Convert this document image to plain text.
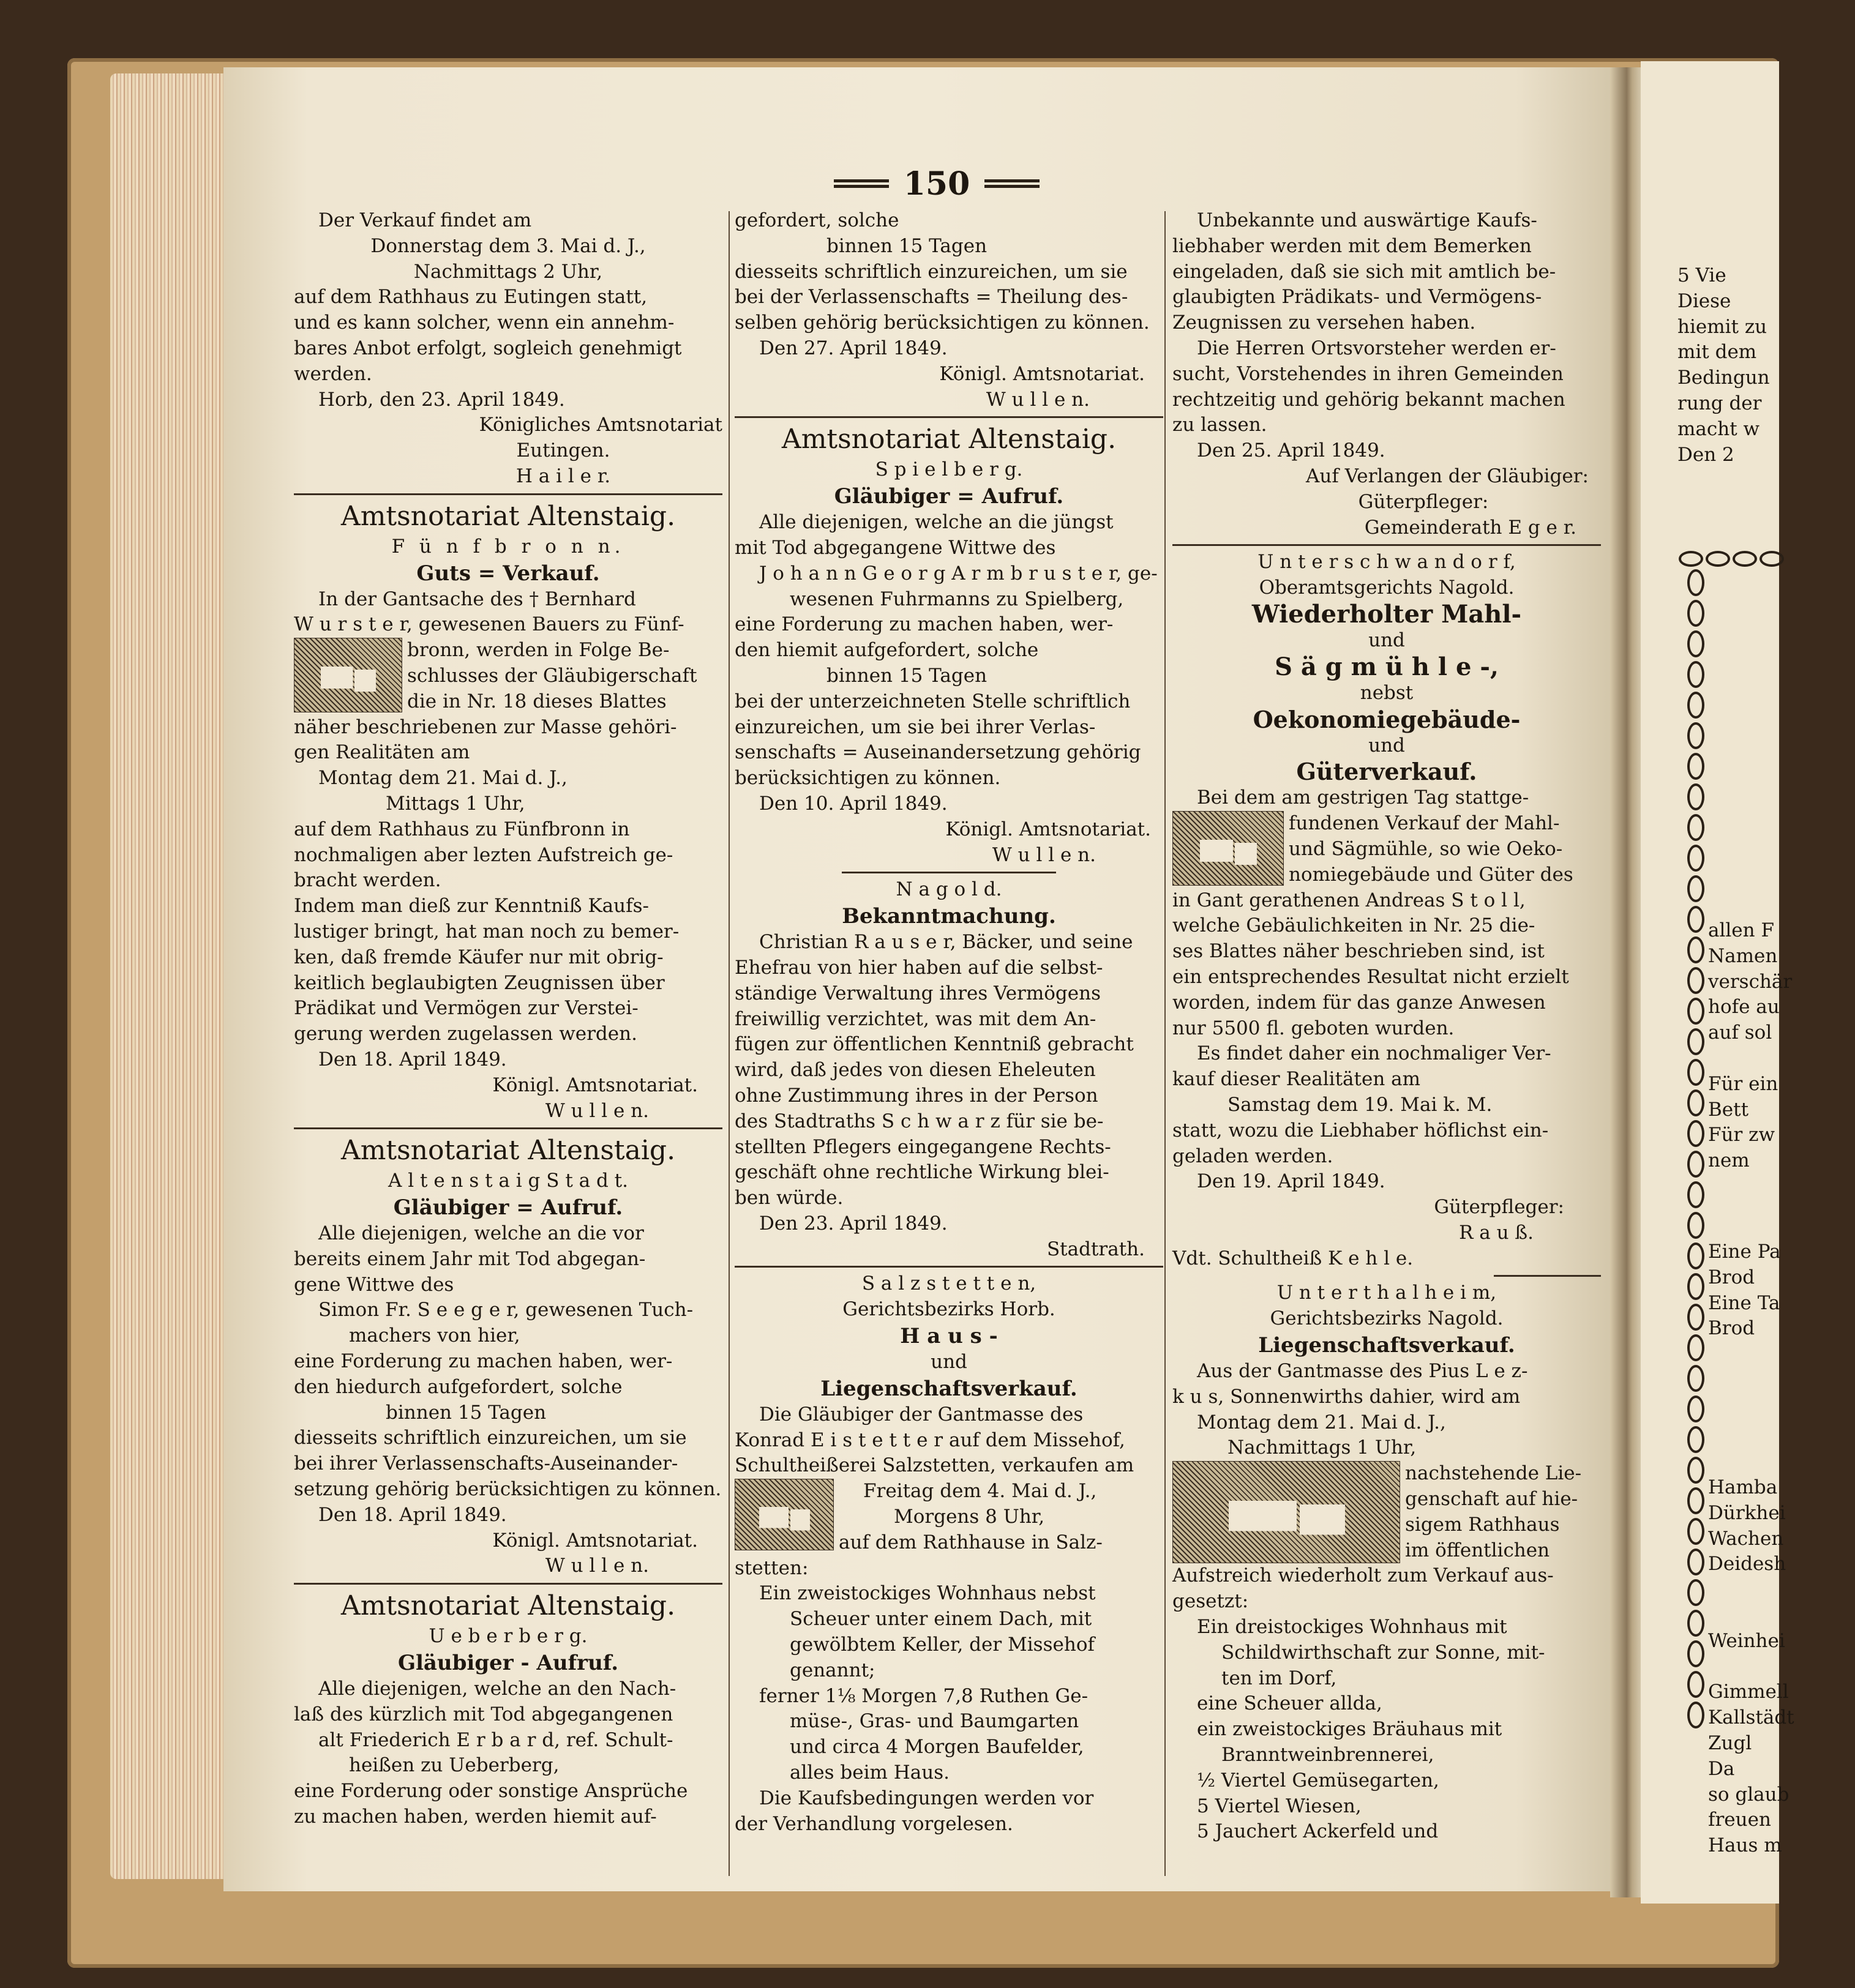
150
Der Verkauf findet am
Donnerstag dem 3. Mai d. J.,
Nachmittags 2 Uhr,
auf dem Rathhaus zu Eutingen statt,
und es kann solcher, wenn ein annehm-
bares Anbot erfolgt, sogleich genehmigt
werden.
Horb, den 23. April 1849.
Königliches Amtsnotariat
Eutingen.
H a i l e r.
Amtsnotariat Altenstaig.
F ü n f b r o n n.
Guts = Verkauf.
In der Gantsache des † Bernhard
W u r s t e r, gewesenen Bauers zu Fünf-
bronn, werden in Folge Be-
schlusses der Gläubigerschaft
die in Nr. 18 dieses Blattes
näher beschriebenen zur Masse gehöri-
gen Realitäten am
Montag dem 21. Mai d. J.,
Mittags 1 Uhr,
auf dem Rathhaus zu Fünfbronn in
nochmaligen aber lezten Aufstreich ge-
bracht werden.
Indem man dieß zur Kenntniß Kaufs-
lustiger bringt, hat man noch zu bemer-
ken, daß fremde Käufer nur mit obrig-
keitlich beglaubigten Zeugnissen über
Prädikat und Vermögen zur Verstei-
gerung werden zugelassen werden.
Den 18. April 1849.
Königl. Amtsnotariat.
W u l l e n.
Amtsnotariat Altenstaig.
A l t e n s t a i g S t a d t.
Gläubiger = Aufruf.
Alle diejenigen, welche an die vor
bereits einem Jahr mit Tod abgegan-
gene Wittwe des
Simon Fr. S e e g e r, gewesenen Tuch-
machers von hier,
eine Forderung zu machen haben, wer-
den hiedurch aufgefordert, solche
binnen 15 Tagen
diesseits schriftlich einzureichen, um sie
bei ihrer Verlassenschafts-Auseinander-
setzung gehörig berücksichtigen zu können.
Den 18. April 1849.
Königl. Amtsnotariat.
W u l l e n.
Amtsnotariat Altenstaig.
U e b e r b e r g.
Gläubiger - Aufruf.
Alle diejenigen, welche an den Nach-
laß des kürzlich mit Tod abgegangenen
alt Friederich E r b a r d, ref. Schult-
heißen zu Ueberberg,
eine Forderung oder sonstige Ansprüche
zu machen haben, werden hiemit auf-
gefordert, solche
binnen 15 Tagen
diesseits schriftlich einzureichen, um sie
bei der Verlassenschafts = Theilung des-
selben gehörig berücksichtigen zu können.
Den 27. April 1849.
Königl. Amtsnotariat.
W u l l e n.
Amtsnotariat Altenstaig.
S p i e l b e r g.
Gläubiger = Aufruf.
Alle diejenigen, welche an die jüngst
mit Tod abgegangene Wittwe des
J o h a n n G e o r g A r m b r u s t e r, ge-
wesenen Fuhrmanns zu Spielberg,
eine Forderung zu machen haben, wer-
den hiemit aufgefordert, solche
binnen 15 Tagen
bei der unterzeichneten Stelle schriftlich
einzureichen, um sie bei ihrer Verlas-
senschafts = Auseinandersetzung gehörig
berücksichtigen zu können.
Den 10. April 1849.
Königl. Amtsnotariat.
W u l l e n.
N a g o l d.
Bekanntmachung.
Christian R a u s e r, Bäcker, und seine
Ehefrau von hier haben auf die selbst-
ständige Verwaltung ihres Vermögens
freiwillig verzichtet, was mit dem An-
fügen zur öffentlichen Kenntniß gebracht
wird, daß jedes von diesen Eheleuten
ohne Zustimmung ihres in der Person
des Stadtraths S c h w a r z für sie be-
stellten Pflegers eingegangene Rechts-
geschäft ohne rechtliche Wirkung blei-
ben würde.
Den 23. April 1849.
Stadtrath.
S a l z s t e t t e n,
Gerichtsbezirks Horb.
H a u s -
und
Liegenschaftsverkauf.
Die Gläubiger der Gantmasse des
Konrad E i s t e t t e r auf dem Missehof,
Schultheißerei Salzstetten, verkaufen am
Freitag dem 4. Mai d. J.,
Morgens 8 Uhr,
auf dem Rathhause in Salz-
stetten:
Ein zweistockiges Wohnhaus nebst
Scheuer unter einem Dach, mit
gewölbtem Keller, der Missehof
genannt;
ferner 1⅛ Morgen 7,8 Ruthen Ge-
müse-, Gras- und Baumgarten
und circa 4 Morgen Baufelder,
alles beim Haus.
Die Kaufsbedingungen werden vor
der Verhandlung vorgelesen.
Unbekannte und auswärtige Kaufs-
liebhaber werden mit dem Bemerken
eingeladen, daß sie sich mit amtlich be-
glaubigten Prädikats- und Vermögens-
Zeugnissen zu versehen haben.
Die Herren Ortsvorsteher werden er-
sucht, Vorstehendes in ihren Gemeinden
rechtzeitig und gehörig bekannt machen
zu lassen.
Den 25. April 1849.
Auf Verlangen der Gläubiger:
Güterpfleger:
Gemeinderath E g e r.
U n t e r s c h w a n d o r f,
Oberamtsgerichts Nagold.
Wiederholter Mahl-
und
S ä g m ü h l e -,
nebst
Oekonomiegebäude-
und
Güterverkauf.
Bei dem am gestrigen Tag stattge-
fundenen Verkauf der Mahl-
und Sägmühle, so wie Oeko-
nomiegebäude und Güter des
in Gant gerathenen Andreas S t o l l,
welche Gebäulichkeiten in Nr. 25 die-
ses Blattes näher beschrieben sind, ist
ein entsprechendes Resultat nicht erzielt
worden, indem für das ganze Anwesen
nur 5500 fl. geboten wurden.
Es findet daher ein nochmaliger Ver-
kauf dieser Realitäten am
Samstag dem 19. Mai k. M.
statt, wozu die Liebhaber höflichst ein-
geladen werden.
Den 19. April 1849.
Güterpfleger:
R a u ß.
Vdt. Schultheiß K e h l e.
U n t e r t h a l h e i m,
Gerichtsbezirks Nagold.
Liegenschaftsverkauf.
Aus der Gantmasse des Pius L e z-
k u s, Sonnenwirths dahier, wird am
Montag dem 21. Mai d. J.,
Nachmittags 1 Uhr,
nachstehende Lie-
genschaft auf hie-
sigem Rathhaus
im öffentlichen
Aufstreich wiederholt zum Verkauf aus-
gesetzt:
Ein dreistockiges Wohnhaus mit
Schildwirthschaft zur Sonne, mit-
ten im Dorf,
eine Scheuer allda,
ein zweistockiges Bräuhaus mit
Branntweinbrennerei,
½ Viertel Gemüsegarten,
5 Viertel Wiesen,
5 Jauchert Ackerfeld und
5 Vie
Diese
hiemit zu
mit dem
Bedingun
rung der
macht w
Den 2
allen F
Namen
verschär
hofe au
auf sol
Für ein
Bett
Für zw
nem
Eine Pa
Brod
Eine Ta
Brod
Hamba
Dürkhei
Wachen
Deidesh
Weinhei
Gimmell
Kallstädt
Zugl
Da
so glaub
freuen
Haus m
